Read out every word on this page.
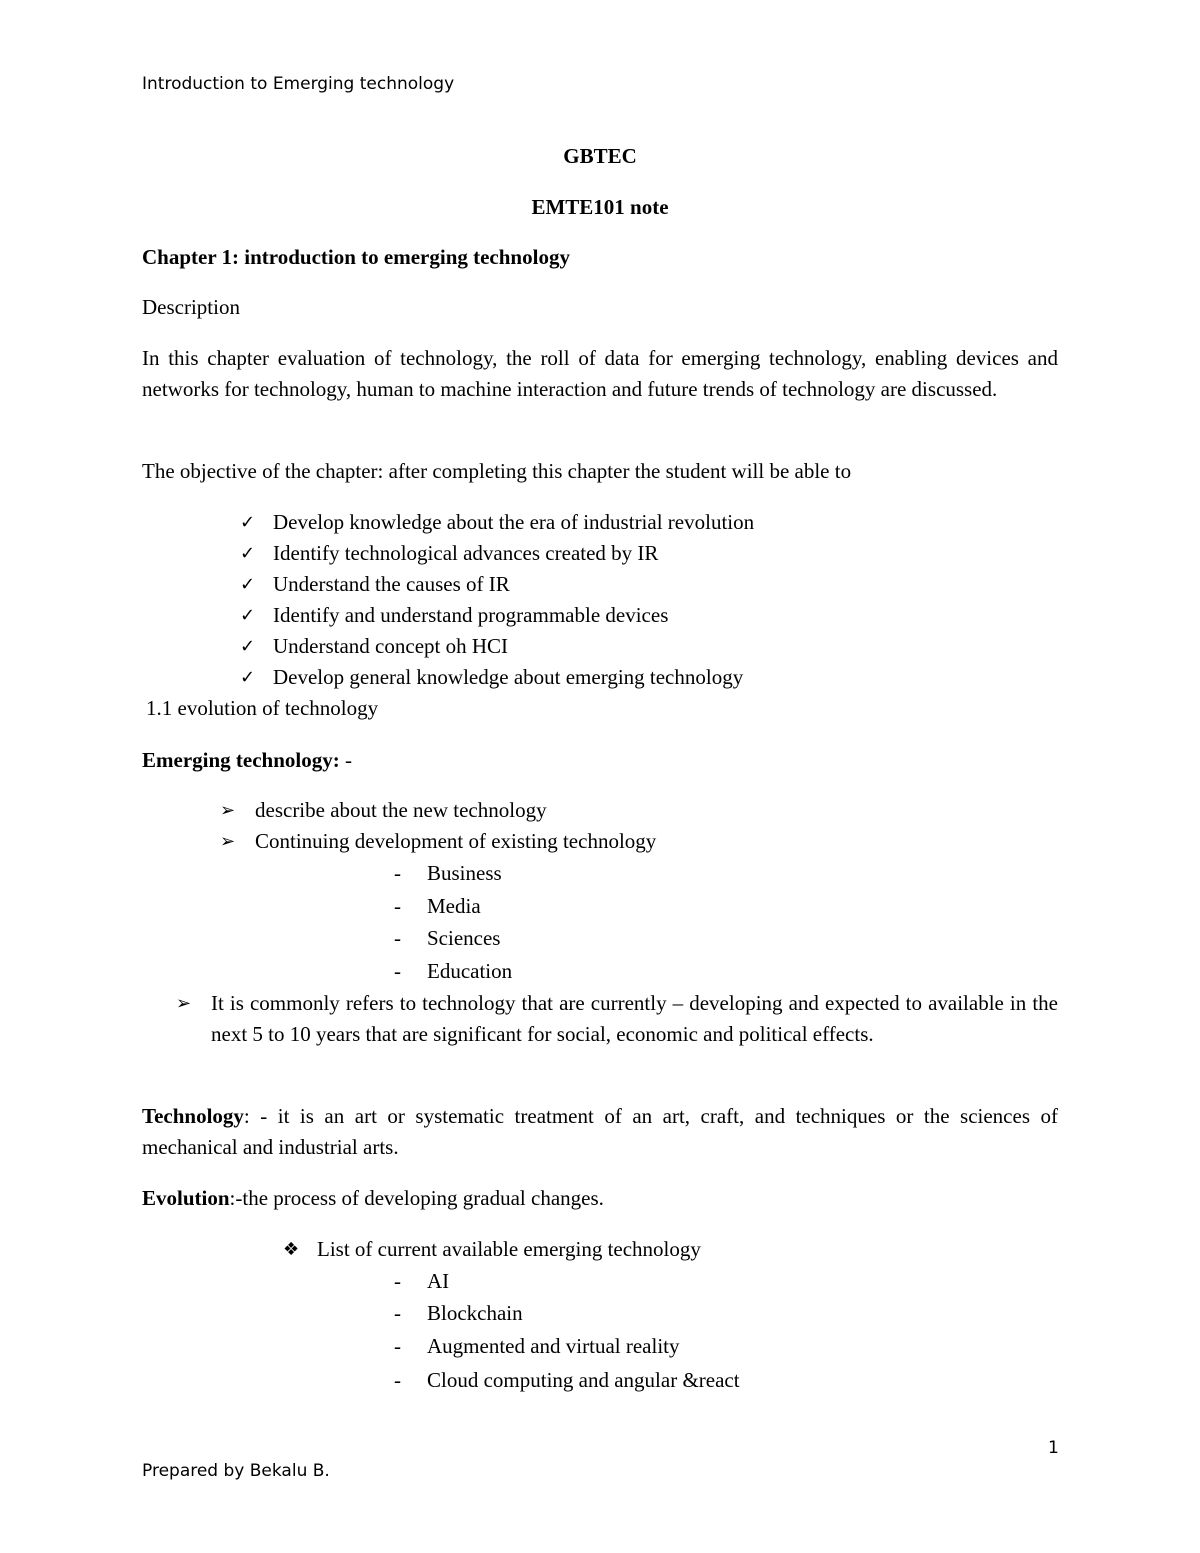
Introduction to Emerging technology
GBTEC
EMTE101 note
Chapter 1: introduction to emerging technology
Description
In this chapter evaluation of technology, the roll of data for emerging technology, enabling devices and networks for technology, human to machine interaction and future trends of technology are discussed.
The objective of the chapter: after completing this chapter the student will be able to
✓ Develop knowledge about the era of industrial revolution
✓ Identify technological advances created by IR
✓ Understand the causes of IR
✓ Identify and understand programmable devices
✓ Understand concept oh HCI
✓ Develop general knowledge about emerging technology
1.1 evolution of technology
Emerging technology: -
➢ describe about the new technology
➢ Continuing development of existing technology
- Business
- Media
- Sciences
- Education
➢ It is commonly refers to technology that are currently – developing and expected to available in the next 5 to 10 years that are significant for social, economic and political effects.
Technology: - it is an art or systematic treatment of an art, craft, and techniques or the sciences of mechanical and industrial arts.
Evolution:-the process of developing gradual changes.
❖ List of current available emerging technology
- AI
- Blockchain
- Augmented and virtual reality
- Cloud computing and angular &react
1
Prepared by Bekalu B.
